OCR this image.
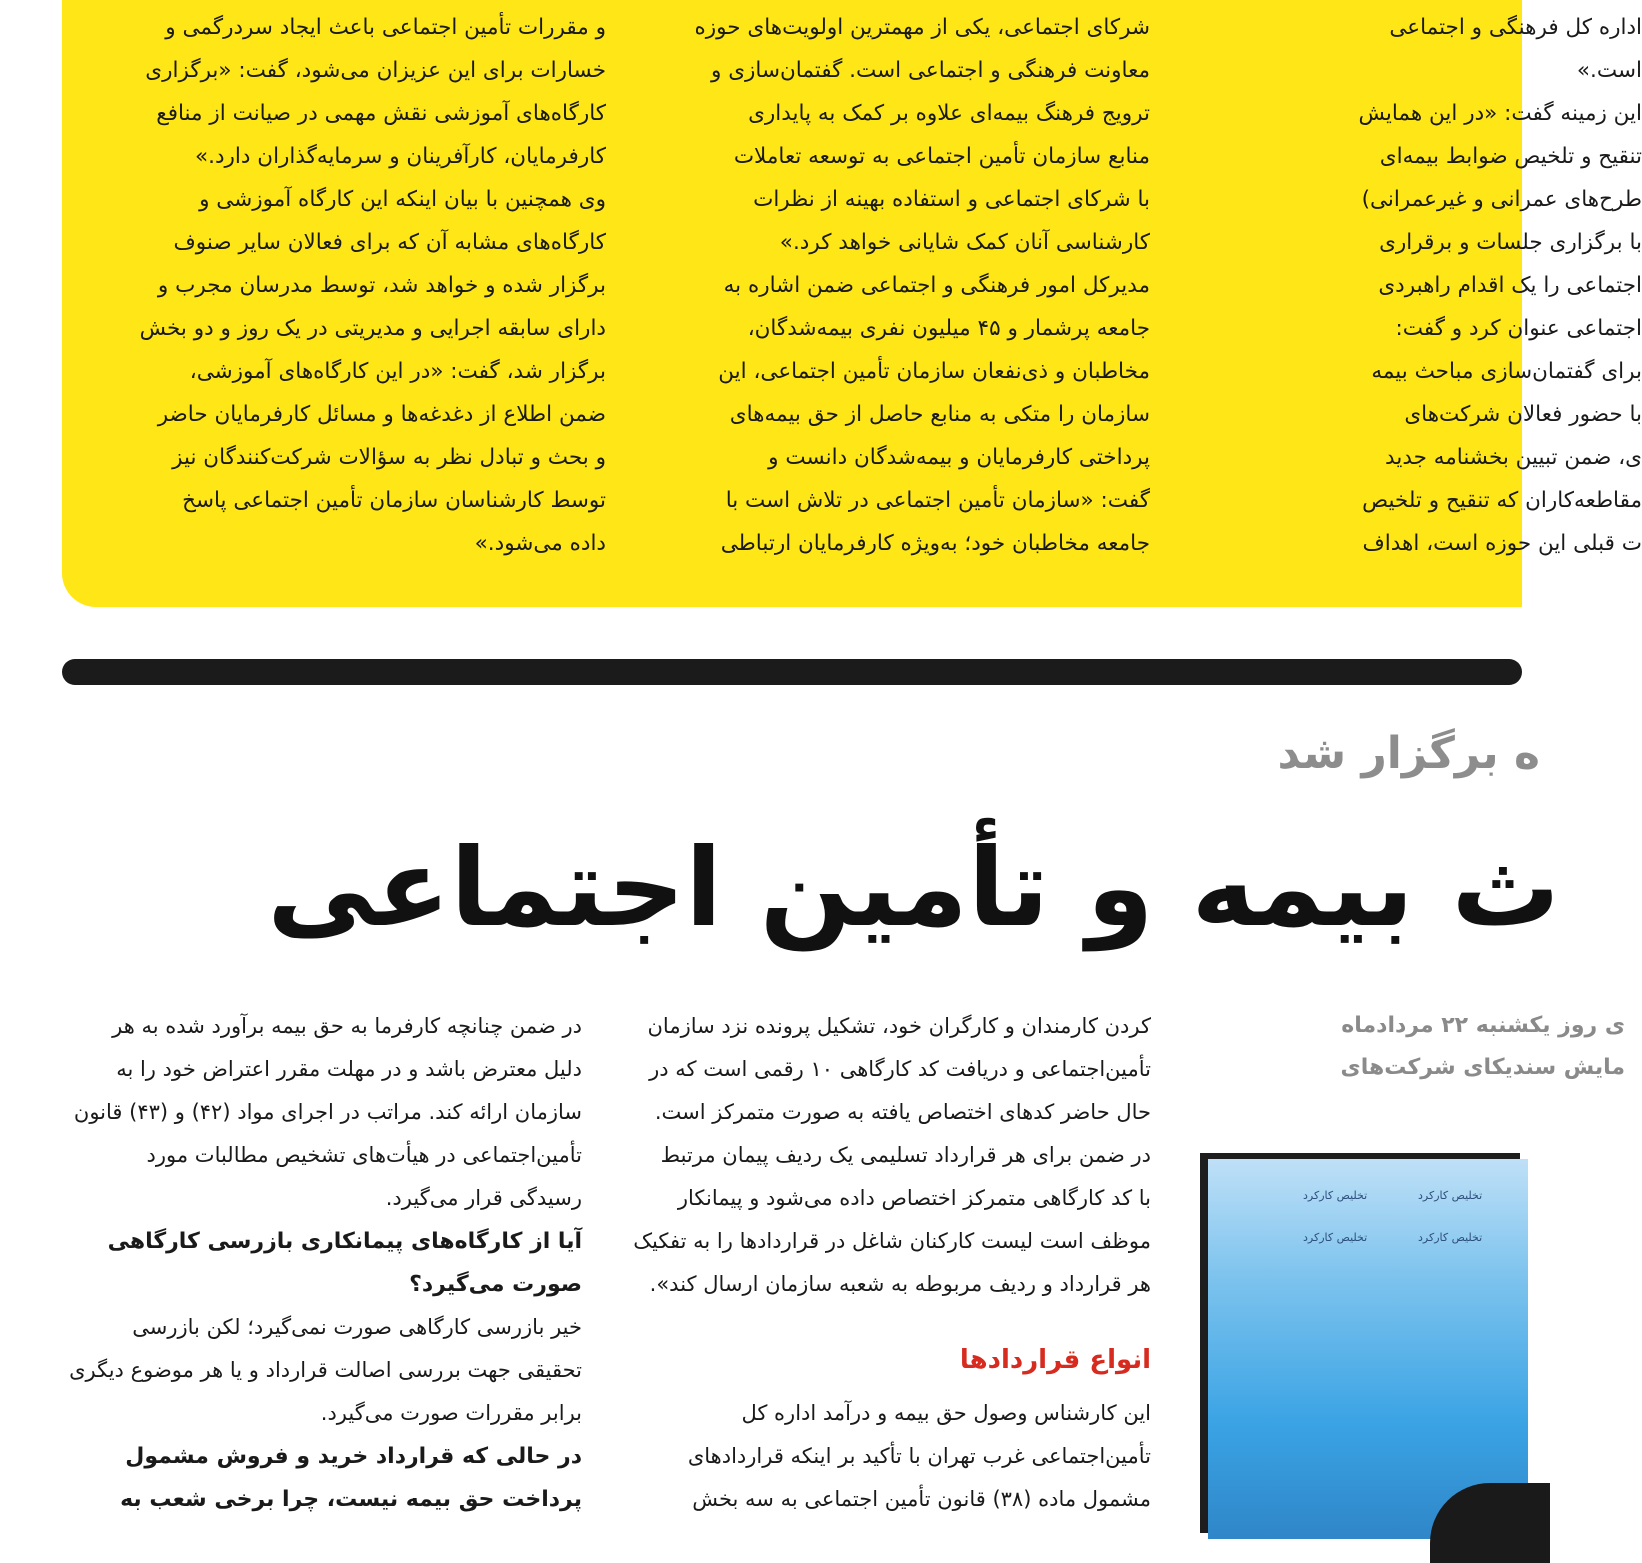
اداره کل فرهنگی و اجتماعی

است.»

این زمینه گفت: «در این همایش

تنقیح و تلخیص ضوابط بیمه‌ای

طرح‌های عمرانی و غیرعمرانی)

با برگزاری جلسات و برقراری

اجتماعی را یک اقدام راهبردی

اجتماعی عنوان کرد و گفت:

برای گفتمان‌سازی مباحث بیمه

با حضور فعالان شرکت‌های

ی، ضمن تبیین بخشنامه جدید

مقاطعه‌کاران که تنقیح و تلخیص

ت قبلی این حوزه است، اهداف

شرکای اجتماعی، یکی از مهمترین اولویت‌های حوزه

معاونت فرهنگی و اجتماعی است. گفتمان‌سازی و

ترویج فرهنگ بیمه‌ای علاوه بر کمک به پایداری

منابع سازمان تأمین اجتماعی به توسعه تعاملات

با شرکای اجتماعی و استفاده بهینه از نظرات

کارشناسی آنان کمک شایانی خواهد کرد.»

مدیرکل امور فرهنگی و اجتماعی ضمن اشاره به

جامعه پرشمار و ۴۵ میلیون نفری بیمه‌شدگان،

مخاطبان و ذی‌نفعان سازمان تأمین اجتماعی، این

سازمان را متکی به منابع حاصل از حق بیمه‌های

پرداختی کارفرمایان و بیمه‌شدگان دانست و

گفت: «سازمان تأمین اجتماعی در تلاش است با

جامعه مخاطبان خود؛ به‌ویژه کارفرمایان ارتباطی

و مقررات تأمین اجتماعی باعث ایجاد سردرگمی و

خسارات برای این عزیزان می‌شود، گفت: «برگزاری

کارگاه‌های آموزشی نقش مهمی در صیانت از منافع

کارفرمایان، کارآفرینان و سرمایه‌گذاران دارد.»

وی همچنین با بیان اینکه این کارگاه آموزشی و

کارگاه‌های مشابه آن که برای فعالان سایر صنوف

برگزار شده و خواهد شد، توسط مدرسان مجرب و

دارای سابقه اجرایی و مدیریتی در یک روز و دو بخش

برگزار شد، گفت: «در این کارگاه‌های آموزشی،

ضمن اطلاع از دغدغه‌ها و مسائل کارفرمایان حاضر

و بحث و تبادل نظر به سؤالات شرکت‌کنندگان نیز

توسط کارشناسان سازمان تأمین اجتماعی پاسخ

داده می‌شود.»

ه برگزار شد
ث بیمه و تأمین اجتماعی

ی روز یکشنبه ۲۲ مردادماه

مایش سندیکای شرکت‌های

تخلیص کارکرد
تخلیص کارکرد
تخلیص کارکرد
تخلیص کارکرد

کردن کارمندان و کارگران خود، تشکیل پرونده نزد سازمان

تأمین‌اجتماعی و دریافت کد کارگاهی ۱۰ رقمی است که در

حال حاضر کدهای اختصاص یافته به صورت متمرکز است.

در ضمن برای هر قرارداد تسلیمی یک ردیف پیمان مرتبط

با کد کارگاهی متمرکز اختصاص داده می‌شود و پیمانکار

موظف است لیست کارکنان شاغل در قراردادها را به تفکیک

هر قرارداد و ردیف مربوطه به شعبه سازمان ارسال کند».

انواع قراردادها

این کارشناس وصول حق بیمه و درآمد اداره کل

تأمین‌اجتماعی غرب تهران با تأکید بر اینکه قراردادهای

مشمول ماده (۳۸) قانون تأمین اجتماعی به سه بخش

در ضمن چنانچه کارفرما به حق بیمه برآورد شده به هر

دلیل معترض باشد و در مهلت مقرر اعتراض خود را به

سازمان ارائه کند. مراتب در اجرای مواد (۴۲) و (۴۳) قانون

تأمین‌اجتماعی در هیأت‌های تشخیص مطالبات مورد

رسیدگی قرار می‌گیرد.

آیا از کارگاه‌های پیمانکاری بازرسی کارگاهی

صورت می‌گیرد؟

خیر بازرسی کارگاهی صورت نمی‌گیرد؛ لکن بازرسی

تحقیقی جهت بررسی اصالت قرارداد و یا هر موضوع دیگری

برابر مقررات صورت می‌گیرد.

در حالی که قرارداد خرید و فروش مشمول

پرداخت حق بیمه نیست، چرا برخی شعب به
